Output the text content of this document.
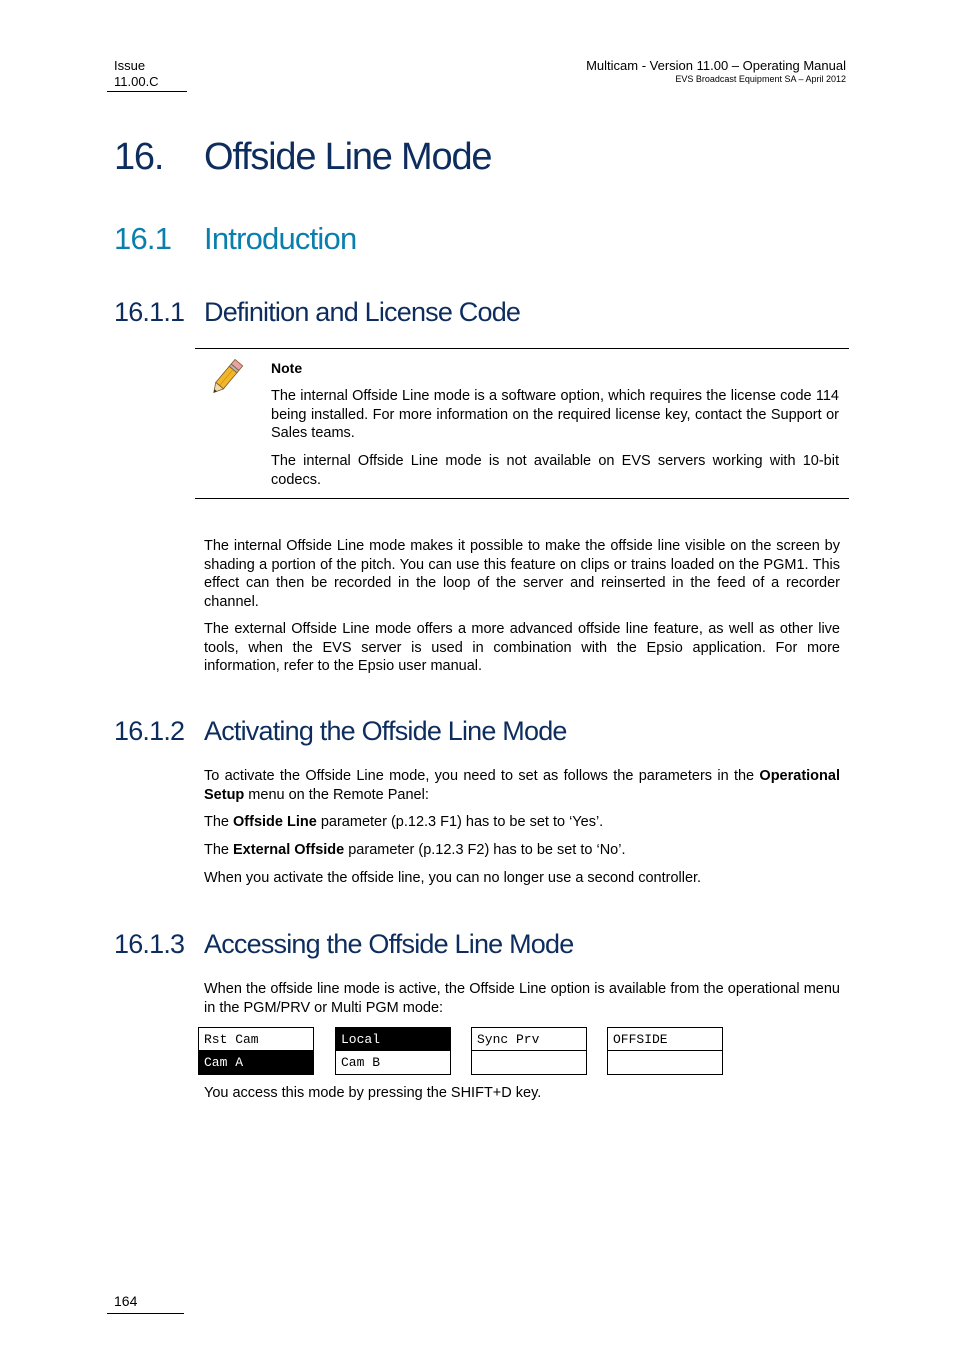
Issue
11.00.C
Multicam - Version 11.00 – Operating Manual
EVS Broadcast Equipment SA – April 2012
16. Offside Line Mode
16.1 Introduction
16.1.1 Definition and License Code
Note
The internal Offside Line mode is a software option, which requires the license code 114 being installed. For more information on the required license key, contact the Support or Sales teams.
The internal Offside Line mode is not available on EVS servers working with 10-bit codecs.
The internal Offside Line mode makes it possible to make the offside line visible on the screen by shading a portion of the pitch. You can use this feature on clips or trains loaded on the PGM1. This effect can then be recorded in the loop of the server and reinserted in the feed of a recorder channel.
The external Offside Line mode offers a more advanced offside line feature, as well as other live tools, when the EVS server is used in combination with the Epsio application. For more information, refer to the Epsio user manual.
16.1.2 Activating the Offside Line Mode
To activate the Offside Line mode, you need to set as follows the parameters in the Operational Setup menu on the Remote Panel:
The Offside Line parameter (p.12.3 F1) has to be set to ‘Yes’.
The External Offside parameter (p.12.3 F2) has to be set to ‘No’.
When you activate the offside line, you can no longer use a second controller.
16.1.3 Accessing the Offside Line Mode
When the offside line mode is active, the Offside Line option is available from the operational menu in the PGM/PRV or Multi PGM mode:
Rst Cam
Cam A
Local
Cam B
Sync Prv	OFFSIDE
You access this mode by pressing the SHIFT+D key.
164
